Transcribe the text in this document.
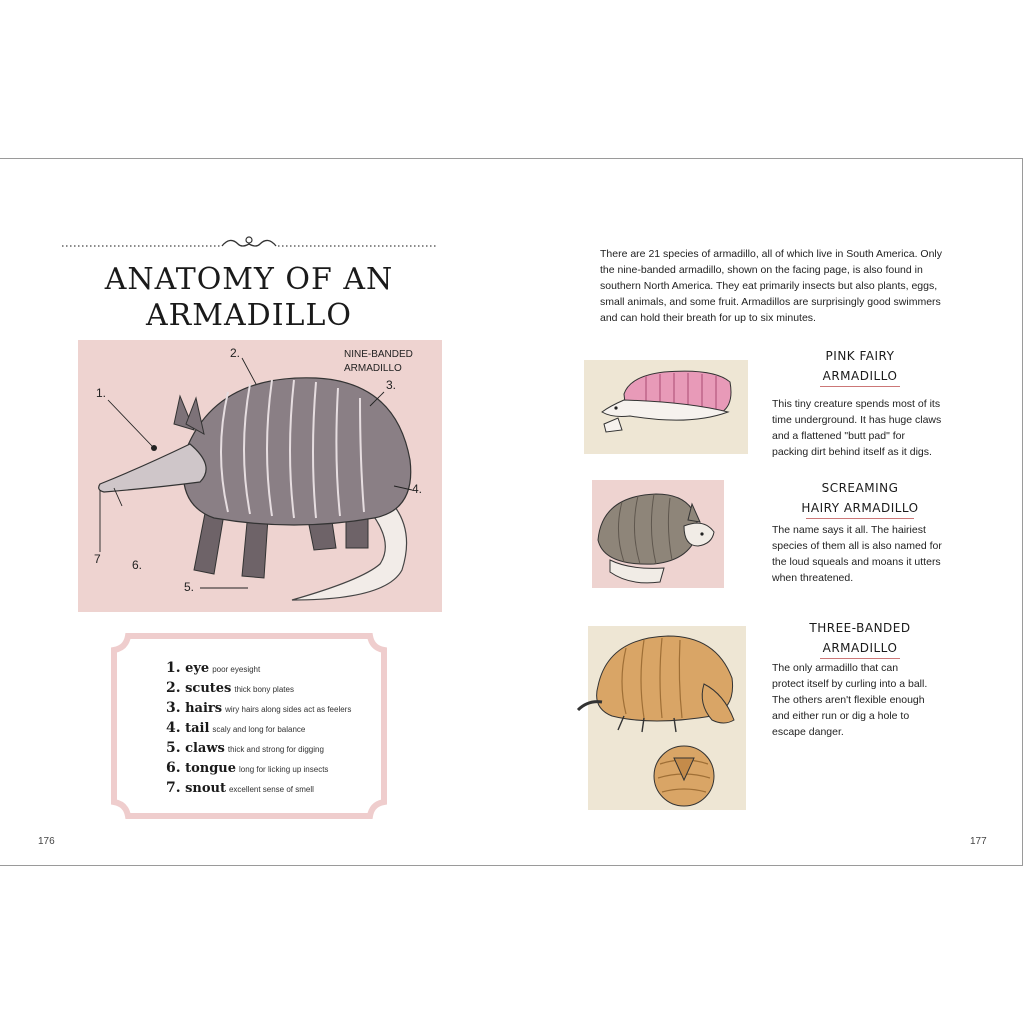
ANATOMY OF AN
ARMADILLO
NINE-BANDED
ARMADILLO
1.
2.
3.
4.
5.
6.
7
1. eye poor eyesight
2. scutes thick bony plates
3. hairs wiry hairs along sides act as feelers
4. tail scaly and long for balance
5. claws thick and strong for digging
6. tongue long for licking up insects
7. snout excellent sense of smell
176
There are 21 species of armadillo, all of which live in South America. Only
the nine-banded armadillo, shown on the facing page, is also found in
southern North America. They eat primarily insects but also plants, eggs,
small animals, and some fruit. Armadillos are surprisingly good swimmers
and can hold their breath for up to six minutes.
PINK FAIRY
ARMADILLO
This tiny creature spends most of its
time underground. It has huge claws
and a flattened "butt pad" for
packing dirt behind itself as it digs.
SCREAMING
HAIRY ARMADILLO
The name says it all. The hairiest
species of them all is also named for
the loud squeals and moans it utters
when threatened.
THREE-BANDED
ARMADILLO
The only armadillo that can
protect itself by curling into a ball.
The others aren't flexible enough
and either run or dig a hole to
escape danger.
177
